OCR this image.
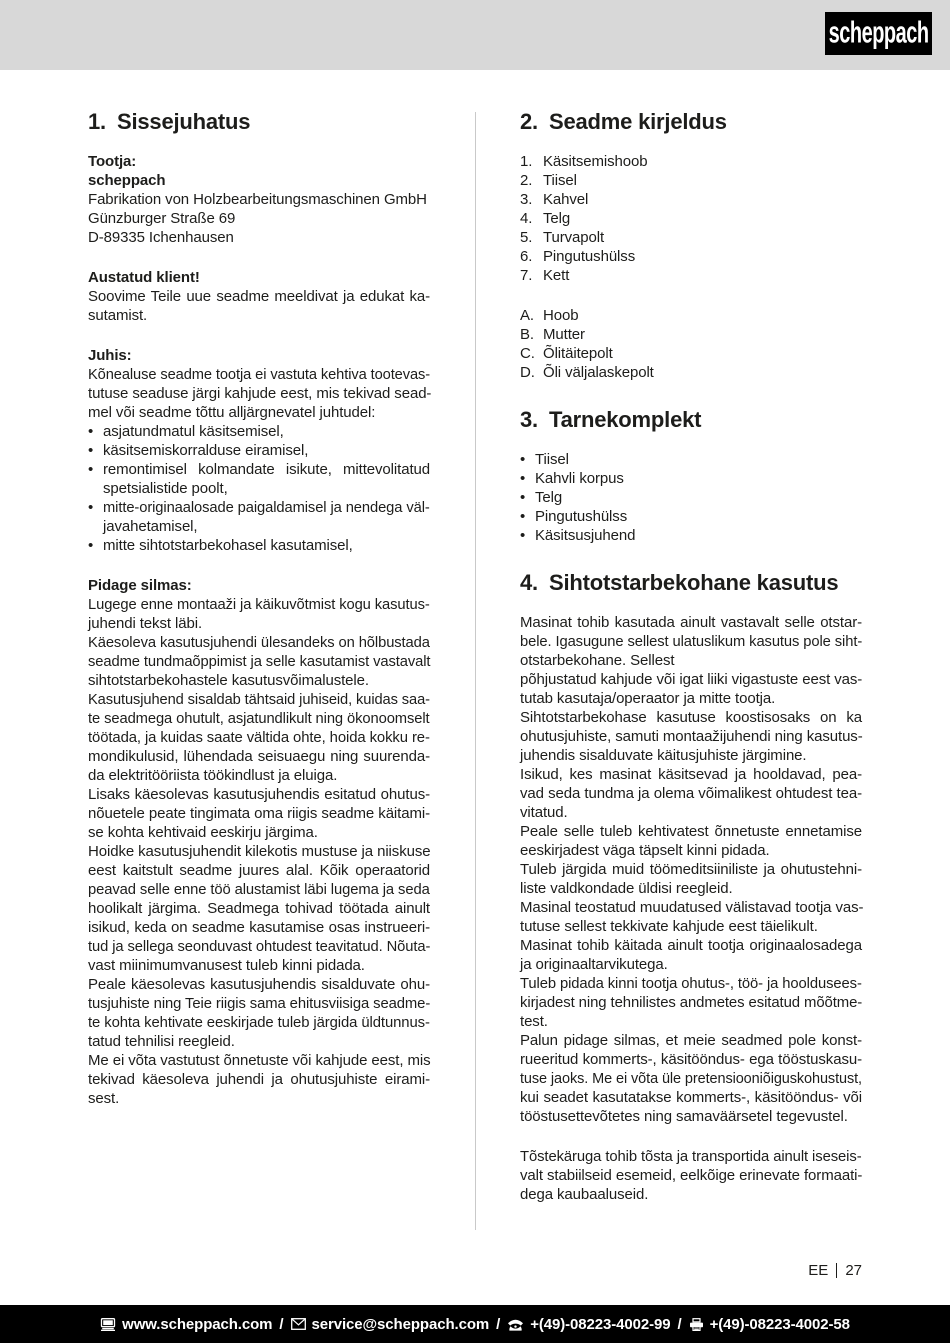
scheppach
1. Sissejuhatus
Tootja:
scheppach
Fabrikation von Holzbearbeitungsmaschinen GmbH
Günzburger Straße 69
D-89335 Ichenhausen
Austatud klient!
Soovime Teile uue seadme meeldivat ja edukat ka-
sutamist.
Juhis:
Kõnealuse seadme tootja ei vastuta kehtiva tootevas-
tutuse seaduse järgi kahjude eest, mis tekivad sead-
mel või seadme tõttu alljärgnevatel juhtudel:
• asjatundmatul käsitsemisel,
• käsitsemiskorralduse eiramisel,
• remontimisel kolmandate isikute, mittevolitatud
spetsialistide poolt,
• mitte-originaalosade paigaldamisel ja nendega väl-
javahetamisel,
• mitte sihtotstarbekohasel kasutamisel,
Pidage silmas:
Lugege enne montaaži ja käikuvõtmist kogu kasutus-
juhendi tekst läbi.
Käesoleva kasutusjuhendi ülesandeks on hõlbustada
seadme tundmaõppimist ja selle kasutamist vastavalt
sihtotstarbekohastele kasutusvõimalustele.
Kasutusjuhend sisaldab tähtsaid juhiseid, kuidas saa-
te seadmega ohutult, asjatundlikult ning ökonoomselt
töötada, ja kuidas saate vältida ohte, hoida kokku re-
mondikulusid, lühendada seisuaegu ning suurenda-
da elektritööriista töökindlust ja eluiga.
Lisaks käesolevas kasutusjuhendis esitatud ohutus-
nõuetele peate tingimata oma riigis seadme käitami-
se kohta kehtivaid eeskirju järgima.
Hoidke kasutusjuhendit kilekotis mustuse ja niiskuse
eest kaitstult seadme juures alal. Kõik operaatorid
peavad selle enne töö alustamist läbi lugema ja seda
hoolikalt järgima. Seadmega tohivad töötada ainult
isikud, keda on seadme kasutamise osas instrueeri-
tud ja sellega seonduvast ohtudest teavitatud. Nõuta-
vast miinimumvanusest tuleb kinni pidada.
Peale käesolevas kasutusjuhendis sisalduvate ohu-
tusjuhiste ning Teie riigis sama ehitusviisiga seadme-
te kohta kehtivate eeskirjade tuleb järgida üldtunnus-
tatud tehnilisi reegleid.
Me ei võta vastutust õnnetuste või kahjude eest, mis
tekivad käesoleva juhendi ja ohutusjuhiste eirami-
sest.
2. Seadme kirjeldus
1. Käsitsemishoob
2. Tiisel
3. Kahvel
4. Telg
5. Turvapolt
6. Pingutushülss
7. Kett
A. Hoob
B. Mutter
C. Õlitäitepolt
D. Õli väljalaskepolt
3. Tarnekomplekt
• Tiisel
• Kahvli korpus
• Telg
• Pingutushülss
• Käsitsusjuhend
4. Sihtotstarbekohane kasutus
Masinat tohib kasutada ainult vastavalt selle otstar-
bele. Igasugune sellest ulatuslikum kasutus pole siht-
otstarbekohane. Sellest
põhjustatud kahjude või igat liiki vigastuste eest vas-
tutab kasutaja/operaator ja mitte tootja.
Sihtotstarbekohase kasutuse koostisosaks on ka
ohutusjuhiste, samuti montaažijuhendi ning kasutus-
juhendis sisalduvate käitusjuhiste järgimine.
Isikud, kes masinat käsitsevad ja hooldavad, pea-
vad seda tundma ja olema võimalikest ohtudest tea-
vitatud.
Peale selle tuleb kehtivatest õnnetuste ennetamise
eeskirjadest väga täpselt kinni pidada.
Tuleb järgida muid töömeditsiiniliste ja ohutustehni-
liste valdkondade üldisi reegleid.
Masinal teostatud muudatused välistavad tootja vas-
tutuse sellest tekkivate kahjude eest täielikult.
Masinat tohib käitada ainult tootja originaalosadega
ja originaaltarvikutega.
Tuleb pidada kinni tootja ohutus-, töö- ja hooldusees-
kirjadest ning tehnilistes andmetes esitatud mõõtme-
test.
Palun pidage silmas, et meie seadmed pole konst-
rueeritud kommerts-, käsitööndus- ega tööstuskasu-
tuse jaoks. Me ei võta üle pretensiooniõiguskohustust,
kui seadet kasutatakse kommerts-, käsitööndus- või
tööstusettevõtetes ning samaväärsetel tegevustel.
Tõstekäruga tohib tõsta ja transportida ainult iseseis-
valt stabiilseid esemeid, eelkõige erinevate formaati-
dega kaubaaluseid.
EE 27
www.scheppach.com / service@scheppach.com / +(49)-08223-4002-99 / +(49)-08223-4002-58
